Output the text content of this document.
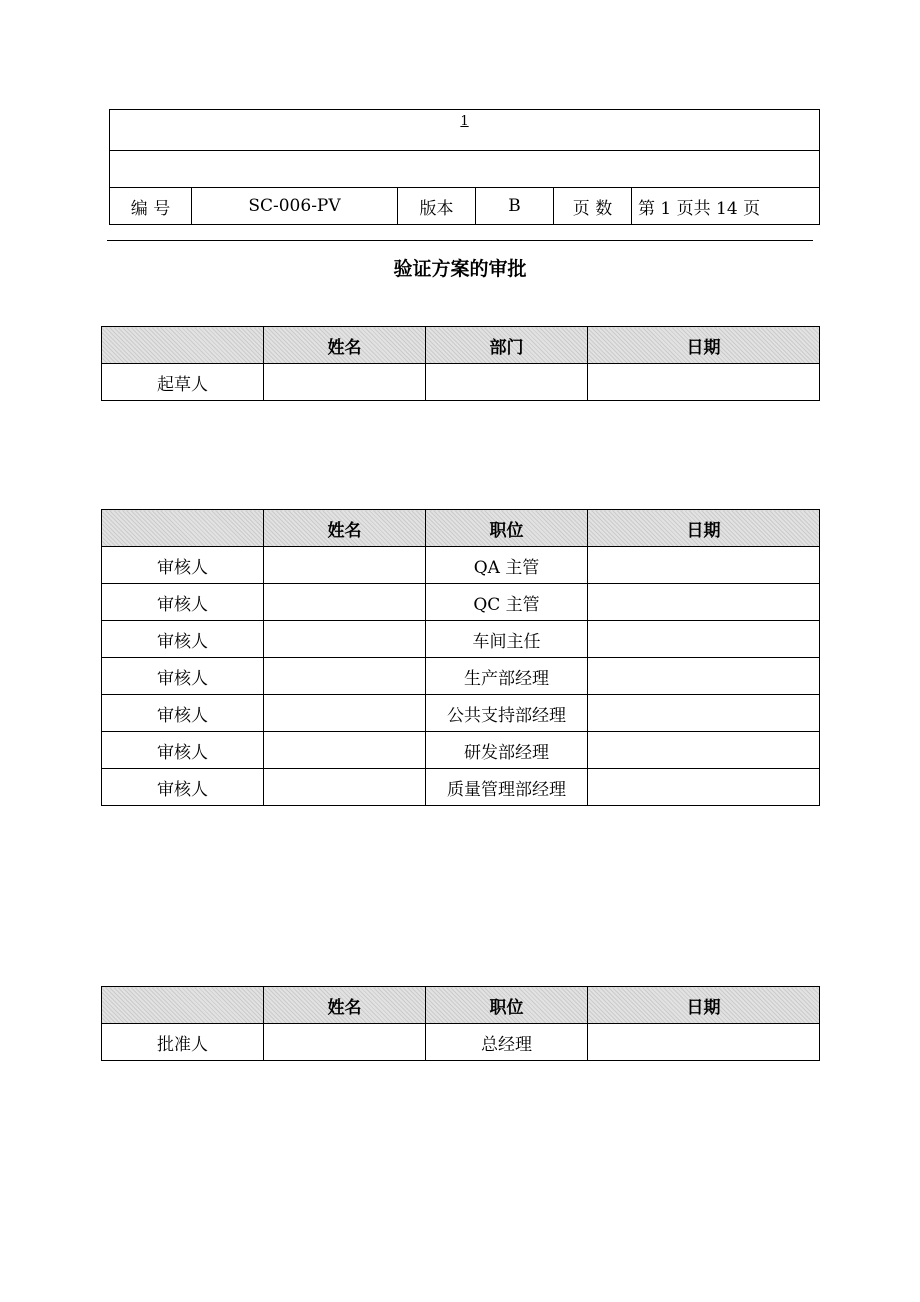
1

编 号	SC-006-PV	版本	B	页 数	第 1 页共 14 页
验证方案的审批
	姓名	部门	日期
起草人			
	姓名	职位	日期
审核人		QA 主管	
审核人		QC 主管	
审核人		车间主任	
审核人		生产部经理	
审核人		公共支持部经理	
审核人		研发部经理	
审核人		质量管理部经理	
	姓名	职位	日期
批准人		总经理	
